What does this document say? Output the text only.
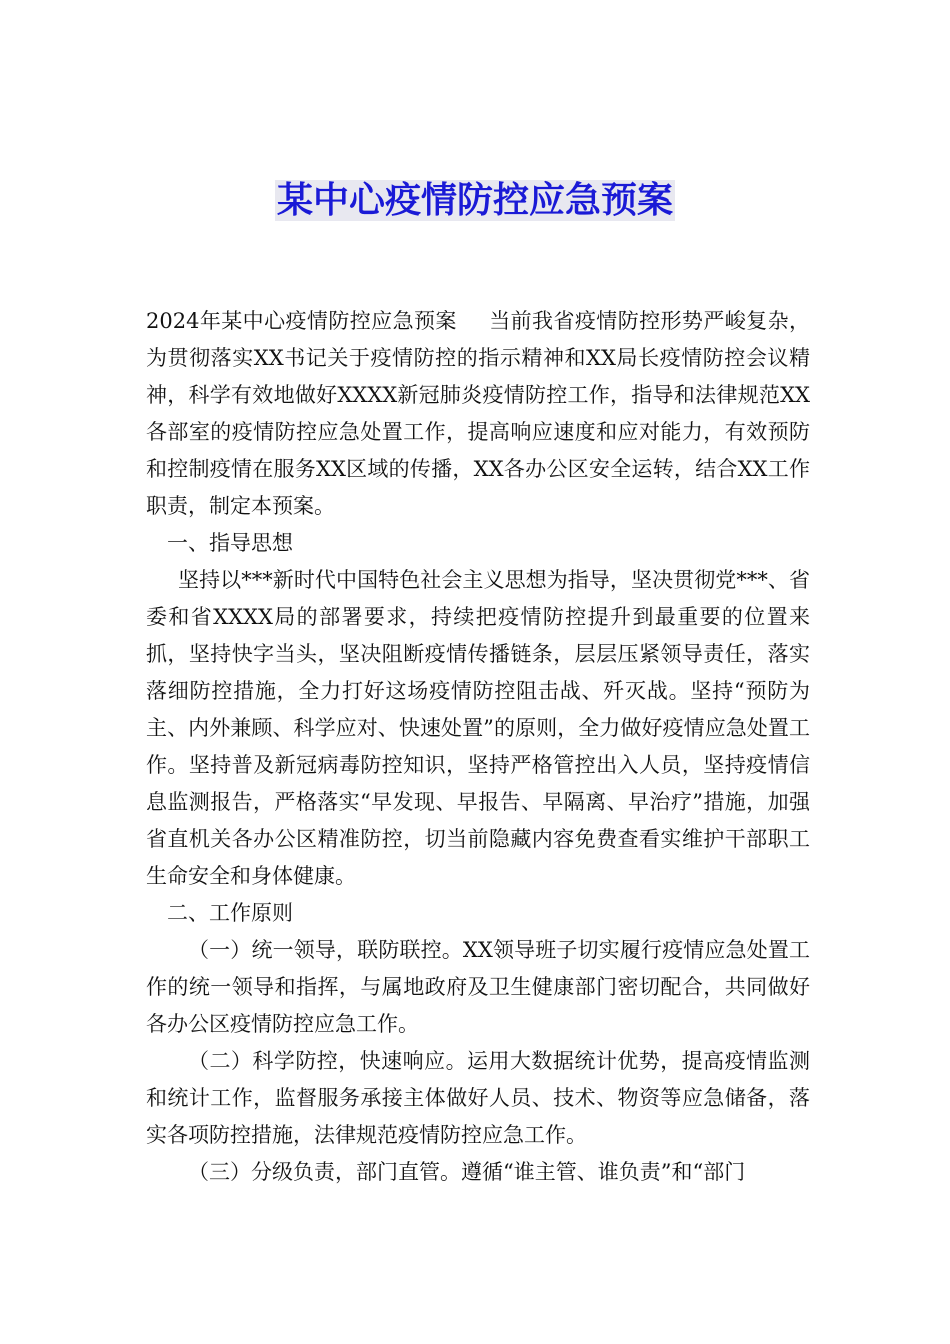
某中心疫情防控应急预案

2024年某中心疫情防控应急预案 当前我省疫情防控形势严峻复杂，为贯彻落实XX书记关于疫情防控的指示精神和XX局长疫情防控会议精神，科学有效地做好XXXX新冠肺炎疫情防控工作，指导和法律规范XX各部室的疫情防控应急处置工作，提高响应速度和应对能力，有效预防和控制疫情在服务XX区域的传播，XX各办公区安全运转，结合XX工作职责，制定本预案。

一、指导思想

坚持以***新时代中国特色社会主义思想为指导，坚决贯彻党***、省委和省XXXX局的部署要求，持续把疫情防控提升到最重要的位置来抓，坚持快字当头，坚决阻断疫情传播链条，层层压紧领导责任，落实落细防控措施，全力打好这场疫情防控阻击战、歼灭战。坚持“预防为主、内外兼顾、科学应对、快速处置”的原则，全力做好疫情应急处置工作。坚持普及新冠病毒防控知识，坚持严格管控出入人员，坚持疫情信息监测报告，严格落实“早发现、早报告、早隔离、早治疗”措施，加强省直机关各办公区精准防控，切当前隐藏内容免费查看实维护干部职工生命安全和身体健康。

二、工作原则

（一）统一领导，联防联控。XX领导班子切实履行疫情应急处置工作的统一领导和指挥，与属地政府及卫生健康部门密切配合，共同做好各办公区疫情防控应急工作。

（二）科学防控，快速响应。运用大数据统计优势，提高疫情监测和统计工作，监督服务承接主体做好人员、技术、物资等应急储备，落实各项防控措施，法律规范疫情防控应急工作。

（三）分级负责，部门直管。遵循“谁主管、谁负责”和“部门
